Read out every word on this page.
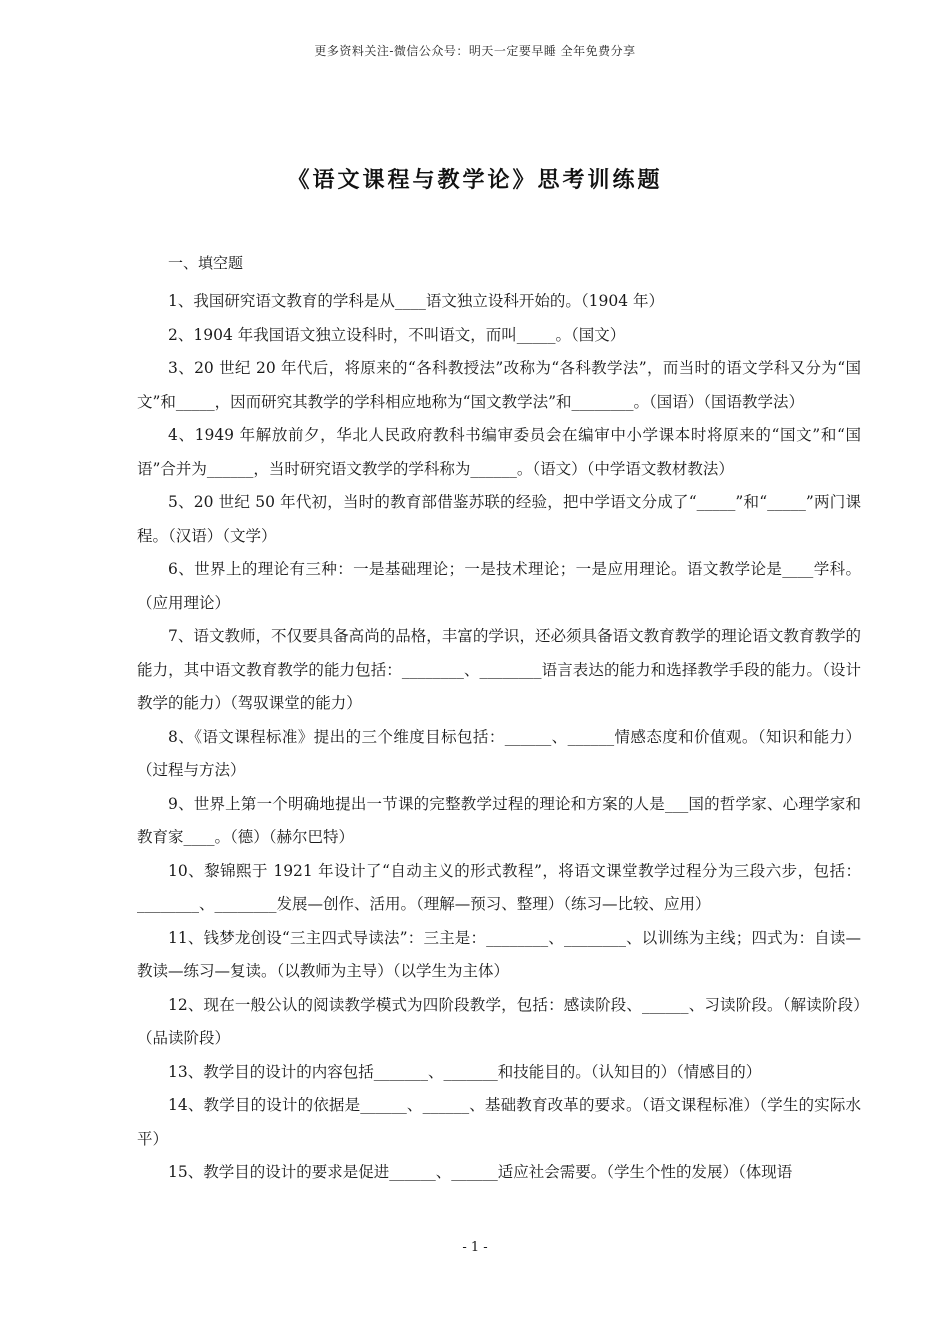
更多资料关注-微信公众号：明天一定要早睡 全年免费分享
《语文课程与教学论》思考训练题
一、填空题

1、我国研究语文教育的学科是从____语文独立设科开始的。（1904 年）

2、1904 年我国语文独立设科时，不叫语文，而叫_____。（国文）

3、20 世纪 20 年代后，将原来的“各科教授法”改称为“各科教学法”，而当时的语文学科又分为“国文”和_____，因而研究其教学的学科相应地称为“国文教学法”和________。（国语）（国语教学法）

4、1949 年解放前夕，华北人民政府教科书编审委员会在编审中小学课本时将原来的“国文”和“国语”合并为______，当时研究语文教学的学科称为______。（语文）（中学语文教材教法）

5、20 世纪 50 年代初，当时的教育部借鉴苏联的经验，把中学语文分成了“_____”和“_____”两门课程。（汉语）（文学）

6、世界上的理论有三种：一是基础理论；一是技术理论；一是应用理论。语文教学论是____学科。（应用理论）

7、语文教师，不仅要具备高尚的品格，丰富的学识，还必须具备语文教育教学的理论语文教育教学的能力，其中语文教育教学的能力包括：________、________语言表达的能力和选择教学手段的能力。（设计教学的能力）（驾驭课堂的能力）

8、《语文课程标准》提出的三个维度目标包括：______、______情感态度和价值观。（知识和能力）（过程与方法）

9、世界上第一个明确地提出一节课的完整教学过程的理论和方案的人是___国的哲学家、心理学家和教育家____。（德）（赫尔巴特）

10、黎锦熙于 1921 年设计了“自动主义的形式教程”，将语文课堂教学过程分为三段六步，包括：________、________发展—创作、活用。（理解—预习、整理）（练习—比较、应用）

11、钱梦龙创设“三主四式导读法”：三主是：________、________、以训练为主线；四式为：自读—教读—练习—复读。（以教师为主导）（以学生为主体）

12、现在一般公认的阅读教学模式为四阶段教学，包括：感读阶段、______、习读阶段。（解读阶段）（品读阶段）

13、教学目的设计的内容包括_______、_______和技能目的。（认知目的）（情感目的）

14、教学目的设计的依据是______、______、基础教育改革的要求。（语文课程标准）（学生的实际水平）

15、教学目的设计的要求是促进______、______适应社会需要。（学生个性的发展）（体现语

- 1 -
